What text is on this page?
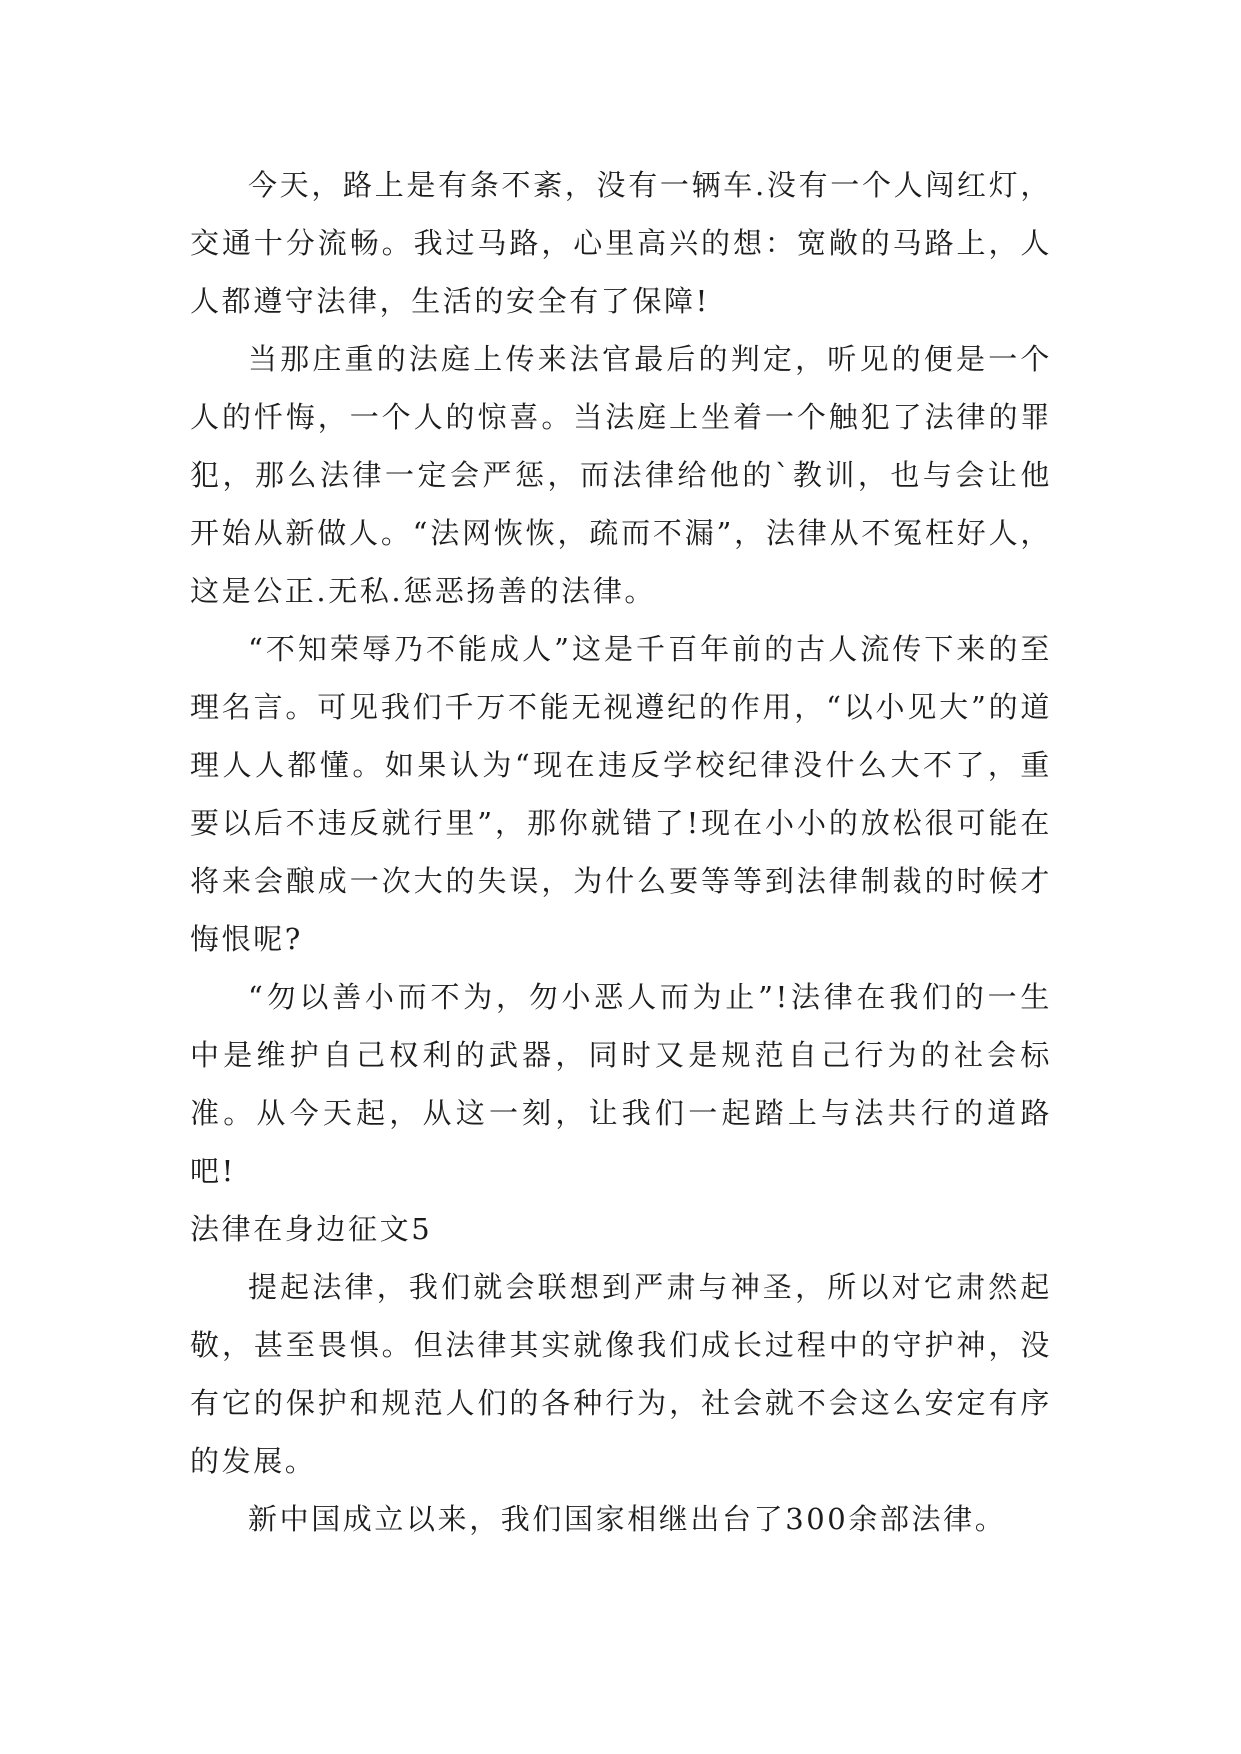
今天，路上是有条不紊，没有一辆车.没有一个人闯红灯，交通十分流畅。我过马路，心里高兴的想：宽敞的马路上，人人都遵守法律，生活的安全有了保障!

当那庄重的法庭上传来法官最后的判定，听见的便是一个人的忏悔，一个人的惊喜。当法庭上坐着一个触犯了法律的罪犯，那么法律一定会严惩，而法律给他的`教训，也与会让他开始从新做人。“法网恢恢，疏而不漏”，法律从不冤枉好人，这是公正.无私.惩恶扬善的法律。

“不知荣辱乃不能成人”这是千百年前的古人流传下来的至理名言。可见我们千万不能无视遵纪的作用，“以小见大”的道理人人都懂。如果认为“现在违反学校纪律没什么大不了，重要以后不违反就行里”，那你就错了!现在小小的放松很可能在将来会酿成一次大的失误，为什么要等等到法律制裁的时候才悔恨呢?

“勿以善小而不为，勿小恶人而为止”!法律在我们的一生中是维护自己权利的武器，同时又是规范自己行为的社会标准。从今天起，从这一刻，让我们一起踏上与法共行的道路吧!

法律在身边征文5

提起法律，我们就会联想到严肃与神圣，所以对它肃然起敬，甚至畏惧。但法律其实就像我们成长过程中的守护神，没有它的保护和规范人们的各种行为，社会就不会这么安定有序的发展。

新中国成立以来，我们国家相继出台了300余部法律。
